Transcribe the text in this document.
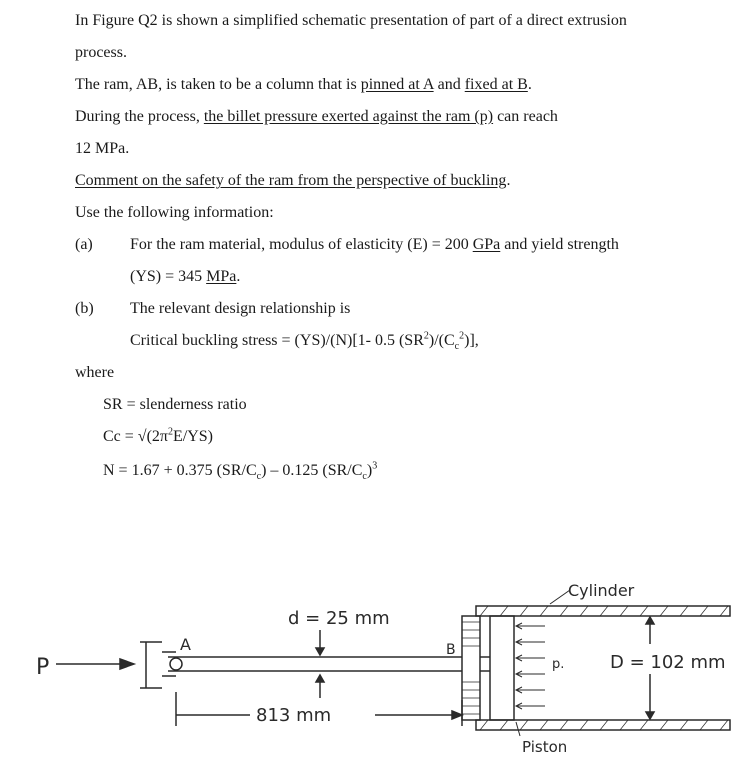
In Figure Q2 is shown a simplified schematic presentation of part of a direct extrusion
process.
The ram, AB, is taken to be a column that is pinned at A and fixed at B.
During the process, the billet pressure exerted against the ram (p) can reach
12 MPa.
Comment on the safety of the ram from the perspective of buckling.
Use the following information:
(a) For the ram material, modulus of elasticity (E) = 200 GPa and yield strength
(YS) = 345 MPa.
(b) The relevant design relationship is
Critical buckling stress = (YS)/(N)[1- 0.5 $(SR^2)/(C_c^2)$],
where
SR = slenderness ratio
$Cc = √(2\pi^2E/YS)$
N = 1.67 + 0.375 $(SR/C_c) - 0.125$ $(SR/C_c)^3$
P
A	B
d = 25 mm
813 mm
Cylinder
D = 102 mm
p.
Piston
